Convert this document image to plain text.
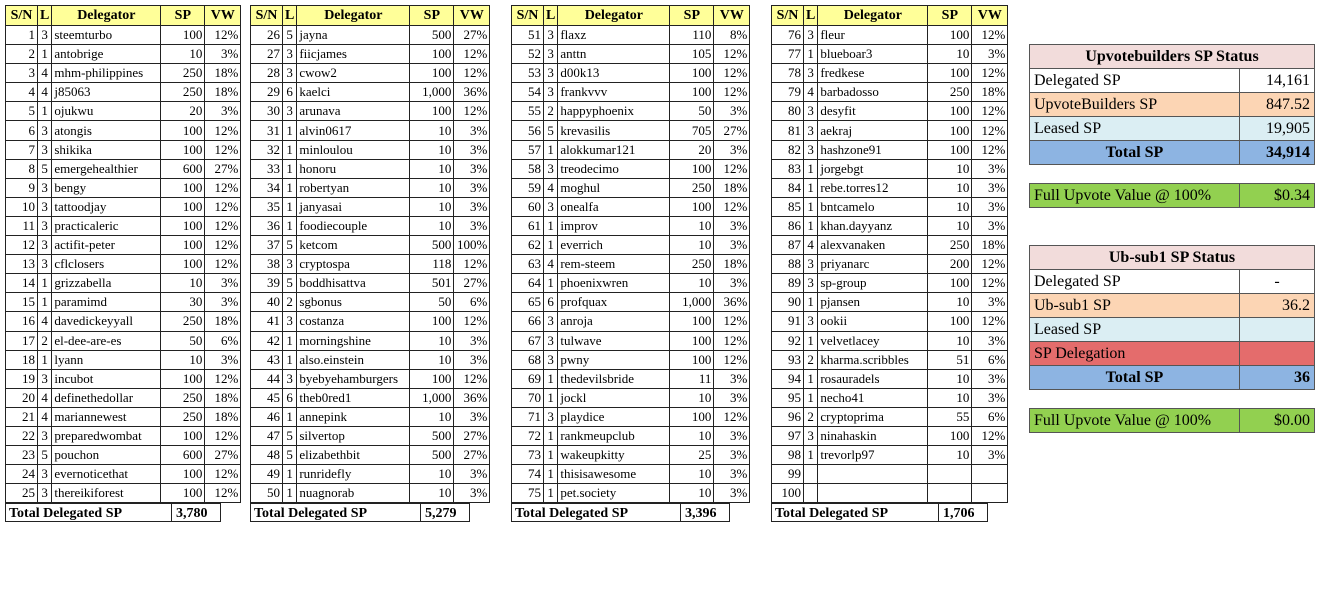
S/N	L	Delegator	SP	VW
1	3	steemturbo	100	12%
2	1	antobrige	10	3%
3	4	mhm-philippines	250	18%
4	4	j85063	250	18%
5	1	ojukwu	20	3%
6	3	atongis	100	12%
7	3	shikika	100	12%
8	5	emergehealthier	600	27%
9	3	bengy	100	12%
10	3	tattoodjay	100	12%
11	3	practicaleric	100	12%
12	3	actifit-peter	100	12%
13	3	cflclosers	100	12%
14	1	grizzabella	10	3%
15	1	paramimd	30	3%
16	4	davedickeyyall	250	18%
17	2	el-dee-are-es	50	6%
18	1	lyann	10	3%
19	3	incubot	100	12%
20	4	definethedollar	250	18%
21	4	mariannewest	250	18%
22	3	preparedwombat	100	12%
23	5	pouchon	600	27%
24	3	evernoticethat	100	12%
25	3	thereikiforest	100	12%
Total Delegated SP	3,780
S/N	L	Delegator	SP	VW
26	5	jayna	500	27%
27	3	fiicjames	100	12%
28	3	cwow2	100	12%
29	6	kaelci	1,000	36%
30	3	arunava	100	12%
31	1	alvin0617	10	3%
32	1	minloulou	10	3%
33	1	honoru	10	3%
34	1	robertyan	10	3%
35	1	janyasai	10	3%
36	1	foodiecouple	10	3%
37	5	ketcom	500	100%
38	3	cryptospa	118	12%
39	5	boddhisattva	501	27%
40	2	sgbonus	50	6%
41	3	costanza	100	12%
42	1	morningshine	10	3%
43	1	also.einstein	10	3%
44	3	byebyehamburgers	100	12%
45	6	theb0red1	1,000	36%
46	1	annepink	10	3%
47	5	silvertop	500	27%
48	5	elizabethbit	500	27%
49	1	runridefly	10	3%
50	1	nuagnorab	10	3%
Total Delegated SP	5,279
S/N	L	Delegator	SP	VW
51	3	flaxz	110	8%
52	3	anttn	105	12%
53	3	d00k13	100	12%
54	3	frankvvv	100	12%
55	2	happyphoenix	50	3%
56	5	krevasilis	705	27%
57	1	alokkumar121	20	3%
58	3	treodecimo	100	12%
59	4	moghul	250	18%
60	3	onealfa	100	12%
61	1	improv	10	3%
62	1	everrich	10	3%
63	4	rem-steem	250	18%
64	1	phoenixwren	10	3%
65	6	profquax	1,000	36%
66	3	anroja	100	12%
67	3	tulwave	100	12%
68	3	pwny	100	12%
69	1	thedevilsbride	11	3%
70	1	jockl	10	3%
71	3	playdice	100	12%
72	1	rankmeupclub	10	3%
73	1	wakeupkitty	25	3%
74	1	thisisawesome	10	3%
75	1	pet.society	10	3%
Total Delegated SP	3,396
S/N	L	Delegator	SP	VW
76	3	fleur	100	12%
77	1	blueboar3	10	3%
78	3	fredkese	100	12%
79	4	barbadosso	250	18%
80	3	desyfit	100	12%
81	3	aekraj	100	12%
82	3	hashzone91	100	12%
83	1	jorgebgt	10	3%
84	1	rebe.torres12	10	3%
85	1	bntcamelo	10	3%
86	1	khan.dayyanz	10	3%
87	4	alexvanaken	250	18%
88	3	priyanarc	200	12%
89	3	sp-group	100	12%
90	1	pjansen	10	3%
91	3	ookii	100	12%
92	1	velvetlacey	10	3%
93	2	kharma.scribbles	51	6%
94	1	rosauradels	10	3%
95	1	necho41	10	3%
96	2	cryptoprima	55	6%
97	3	ninahaskin	100	12%
98	1	trevorlp97	10	3%
99				
100				
Total Delegated SP	1,706
Upvotebuilders SP Status	
Delegated SP	14,161
UpvoteBuilders SP	847.52
Leased SP	19,905
Total SP	34,914
Full Upvote Value @ 100%	$0.34
Ub-sub1 SP Status	
Delegated SP	-
Ub-sub1 SP	36.2
Leased SP	
SP Delegation	
Total SP	36
Full Upvote Value @ 100%	$0.00
